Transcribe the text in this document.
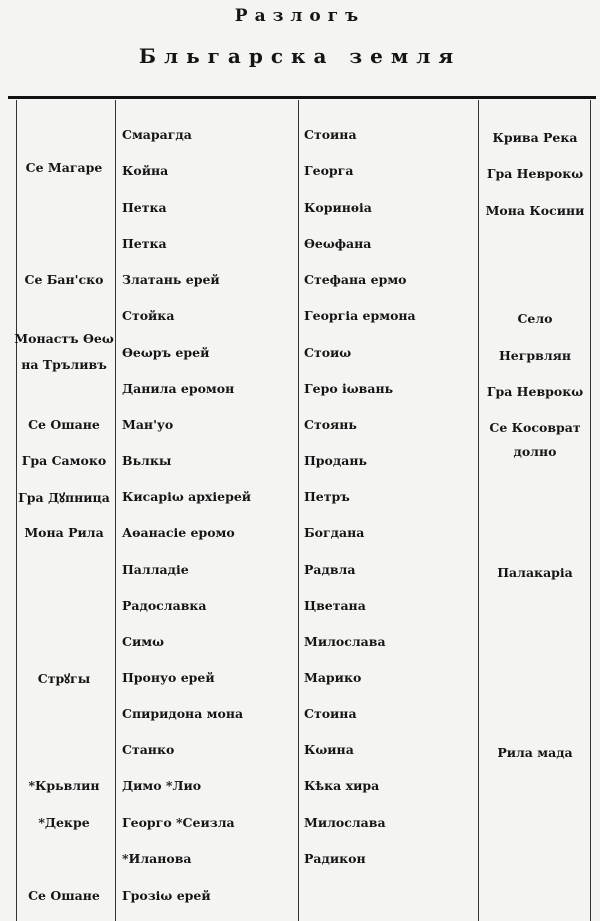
Разлогъ
Бльгарска земля
Се Магаре
Се Бан'ско
Монастъ Өеω
на Тръливъ
Се Ошане
Гра Самоко
Гра Дꙋпница
Мона Рила
Стрꙋгы
*Крьвлин
*Декре
Се Ошане
Смарагда
Койна
Петка
Петка
Златань ерей
Стойка
Өеωръ ерей
Данила еромон
Ман'уо
Вьлкы
Кисаріω архіерей
Аөанасіе еромо
Палладіе
Радославка
Симω
Пронуо ерей
Спиридона мона
Станко
Димо *Лио
Георго *Сеизла
*Иланова
Грозіω ерей
Стоина
Георга
Коринѳіа
Өеωфана
Стефана ермо
Георгіа ермона
Стоиω
Геро iωвань
Стоянь
Продань
Петръ
Богдана
Радвла
Цветана
Милослава
Марико
Стоина
Кωина
Кѣка хира
Милослава
Радикон
Крива Река
Гра Неврокω
Мона Косини
Село
Негрвлян
Гра Неврокω
Се Косоврат
долно
Палакаріа
Рила мада
